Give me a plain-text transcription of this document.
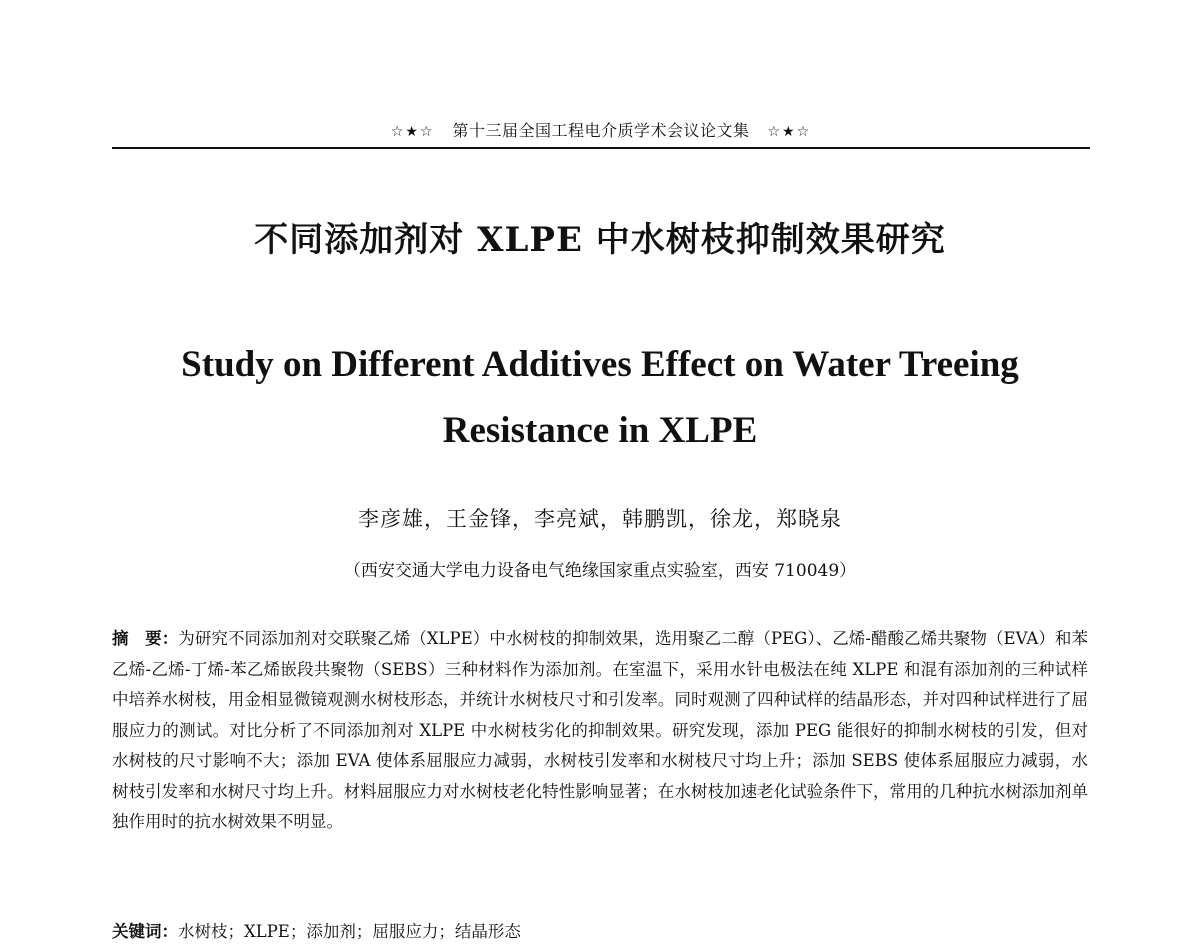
☆★☆ 第十三届全国工程电介质学术会议论文集 ☆★☆
不同添加剂对 XLPE 中水树枝抑制效果研究
Study on Different Additives Effect on Water Treeing
Resistance in XLPE
李彦雄，王金锋，李亮斌，韩鹏凯，徐龙，郑晓泉
（西安交通大学电力设备电气绝缘国家重点实验室，西安 710049）
摘　要：为研究不同添加剂对交联聚乙烯（XLPE）中水树枝的抑制效果，选用聚乙二醇（PEG）、乙烯-醋酸乙烯共聚物（EVA）和苯乙烯-乙烯-丁烯-苯乙烯嵌段共聚物（SEBS）三种材料作为添加剂。在室温下，采用水针电极法在纯 XLPE 和混有添加剂的三种试样中培养水树枝，用金相显微镜观测水树枝形态，并统计水树枝尺寸和引发率。同时观测了四种试样的结晶形态，并对四种试样进行了屈服应力的测试。对比分析了不同添加剂对 XLPE 中水树枝劣化的抑制效果。研究发现，添加 PEG 能很好的抑制水树枝的引发，但对水树枝的尺寸影响不大；添加 EVA 使体系屈服应力减弱，水树枝引发率和水树枝尺寸均上升；添加 SEBS 使体系屈服应力减弱，水树枝引发率和水树尺寸均上升。材料屈服应力对水树枝老化特性影响显著；在水树枝加速老化试验条件下，常用的几种抗水树添加剂单独作用时的抗水树效果不明显。
关键词：水树枝；XLPE；添加剂；屈服应力；结晶形态
